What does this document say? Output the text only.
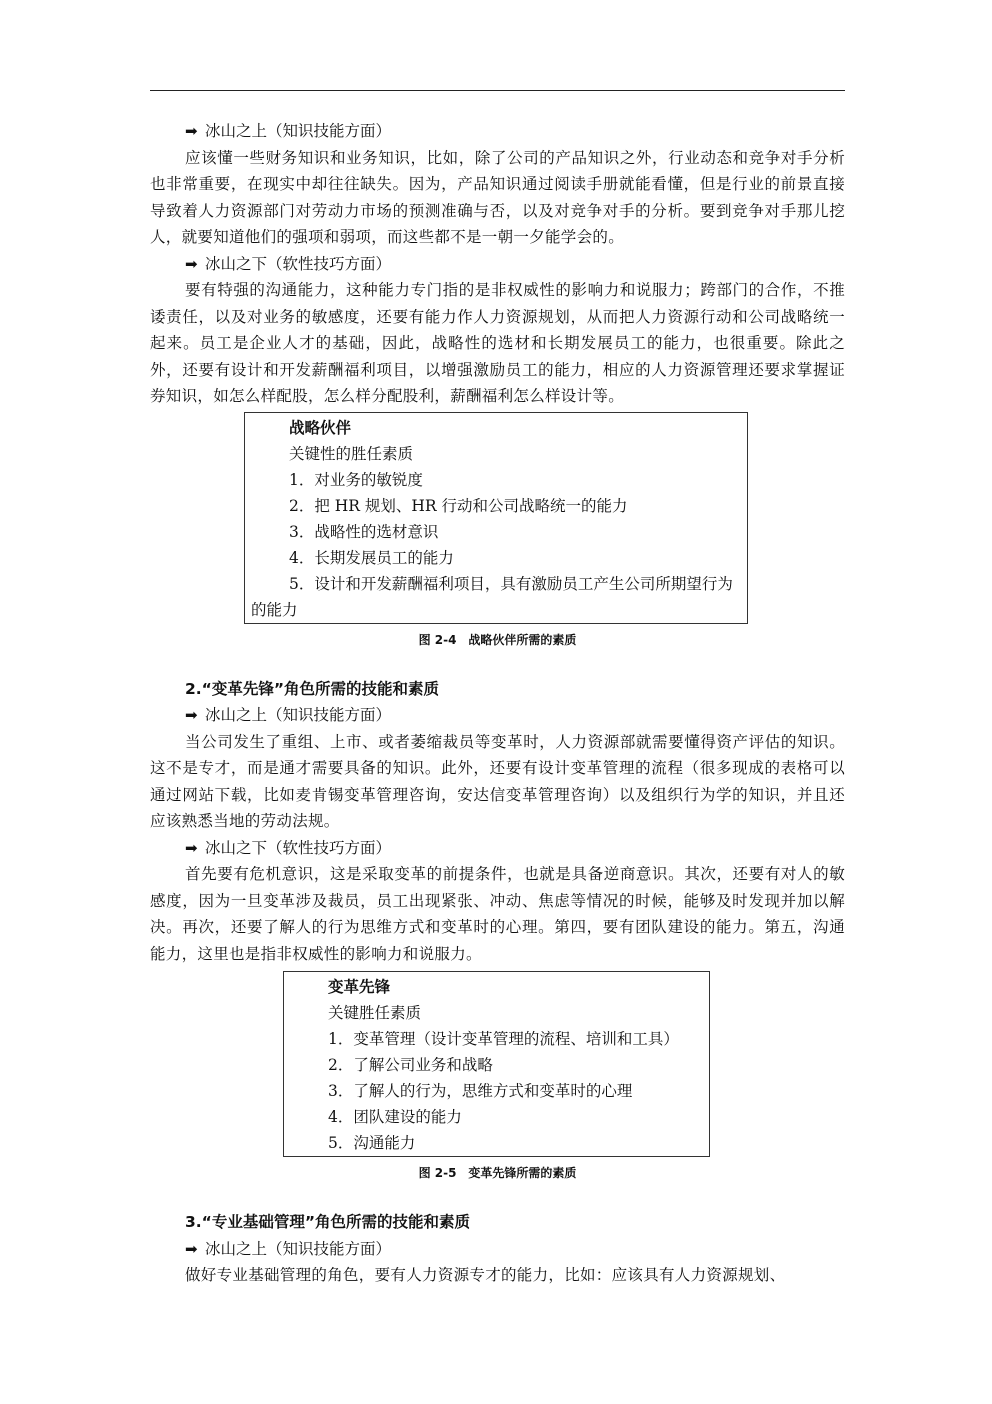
➡ 冰山之上（知识技能方面）
应该懂一些财务知识和业务知识，比如，除了公司的产品知识之外，行业动态和竞争对手分析也非常重要，在现实中却往往缺失。因为，产品知识通过阅读手册就能看懂，但是行业的前景直接导致着人力资源部门对劳动力市场的预测准确与否，以及对竞争对手的分析。要到竞争对手那儿挖人，就要知道他们的强项和弱项，而这些都不是一朝一夕能学会的。
➡ 冰山之下（软性技巧方面）
要有特强的沟通能力，这种能力专门指的是非权威性的影响力和说服力；跨部门的合作，不推诿责任，以及对业务的敏感度，还要有能力作人力资源规划，从而把人力资源行动和公司战略统一起来。员工是企业人才的基础，因此，战略性的选材和长期发展员工的能力，也很重要。除此之外，还要有设计和开发薪酬福利项目，以增强激励员工的能力，相应的人力资源管理还要求掌握证券知识，如怎么样配股，怎么样分配股利，薪酬福利怎么样设计等。
战略伙伴
关键性的胜任素质
1．对业务的敏锐度
2．把 HR 规划、HR 行动和公司战略统一的能力
3．战略性的选材意识
4．长期发展员工的能力
5．设计和开发薪酬福利项目，具有激励员工产生公司所期望行为的能力
图 2-4　战略伙伴所需的素质
2.“变革先锋”角色所需的技能和素质
➡ 冰山之上（知识技能方面）
当公司发生了重组、上市、或者萎缩裁员等变革时，人力资源部就需要懂得资产评估的知识。这不是专才，而是通才需要具备的知识。此外，还要有设计变革管理的流程（很多现成的表格可以通过网站下载，比如麦肯锡变革管理咨询，安达信变革管理咨询）以及组织行为学的知识，并且还应该熟悉当地的劳动法规。
➡ 冰山之下（软性技巧方面）
首先要有危机意识，这是采取变革的前提条件，也就是具备逆商意识。其次，还要有对人的敏感度，因为一旦变革涉及裁员，员工出现紧张、冲动、焦虑等情况的时候，能够及时发现并加以解决。再次，还要了解人的行为思维方式和变革时的心理。第四，要有团队建设的能力。第五，沟通能力，这里也是指非权威性的影响力和说服力。
变革先锋
关键胜任素质
1．变革管理（设计变革管理的流程、培训和工具）
2．了解公司业务和战略
3．了解人的行为，思维方式和变革时的心理
4．团队建设的能力
5．沟通能力
图 2-5　变革先锋所需的素质
3.“专业基础管理”角色所需的技能和素质
➡ 冰山之上（知识技能方面）
做好专业基础管理的角色，要有人力资源专才的能力，比如：应该具有人力资源规划、
